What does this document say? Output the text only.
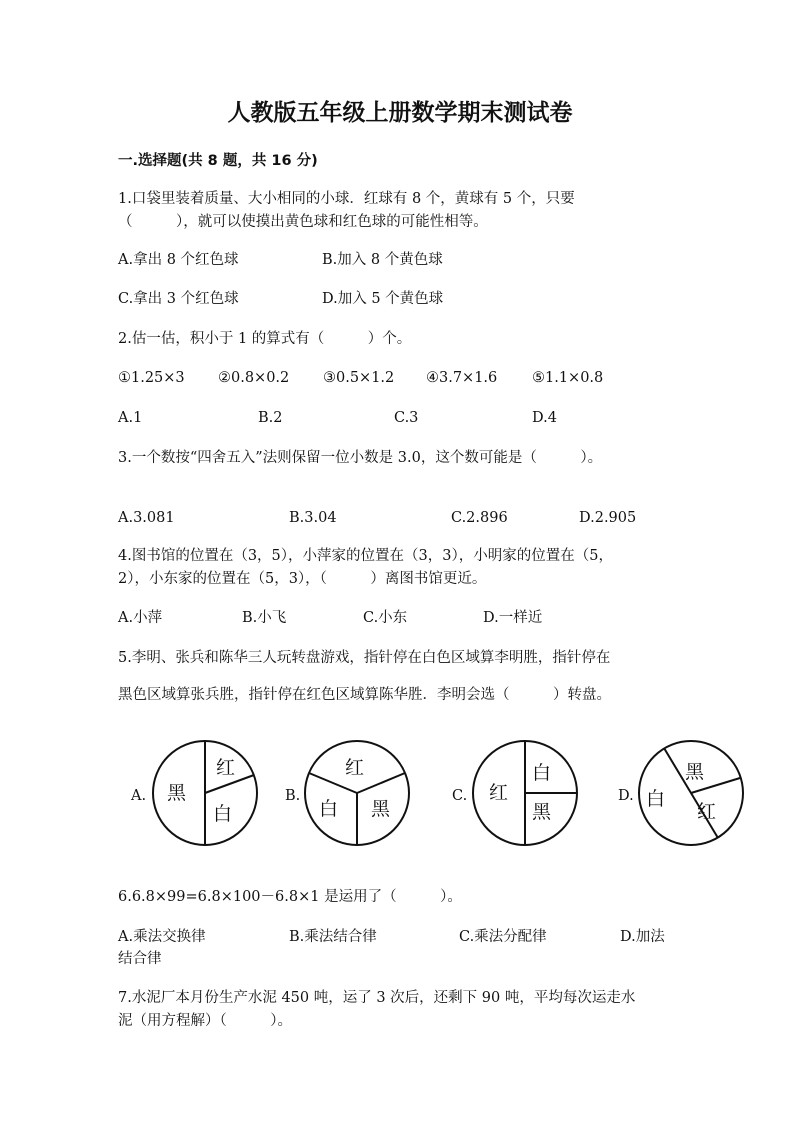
人教版五年级上册数学期末测试卷
一.选择题(共 8 题，共 16 分)
1.口袋里装着质量、大小相同的小球．红球有 8 个，黄球有 5 个，只要
（　　　），就可以使摸出黄色球和红色球的可能性相等。
A.拿出 8 个红色球	B.加入 8 个黄色球
C.拿出 3 个红色球	D.加入 5 个黄色球
2.估一估，积小于 1 的算式有（　　　）个。
①1.25×3 ②0.8×0.2 ③0.5×1.2 ④3.7×1.6 ⑤1.1×0.8
A.1	B.2	C.3	D.4
3.一个数按“四舍五入”法则保留一位小数是 3.0，这个数可能是（　　　）。
A.3.081	B.3.04	C.2.896	D.2.905
4.图书馆的位置在（3，5），小萍家的位置在（3，3），小明家的位置在（5，
2），小东家的位置在（5，3），（　　　）离图书馆更近。
A.小萍	B.小飞	C.小东	D.一样近
5.李明、张兵和陈华三人玩转盘游戏，指针停在白色区域算李明胜，指针停在
黑色区域算张兵胜，指针停在红色区域算陈华胜．李明会选（　　　）转盘。
A.	B.	C.	D.
红
黑
白
红
白 黑
红
白
黑
黑
白
红
6.6.8×99=6.8×100－6.8×1 是运用了（　　　）。
A.乘法交换律	B.乘法结合律	C.乘法分配律	D.加法
结合律
7.水泥厂本月份生产水泥 450 吨，运了 3 次后，还剩下 90 吨，平均每次运走水
泥（用方程解）（　　　）。
